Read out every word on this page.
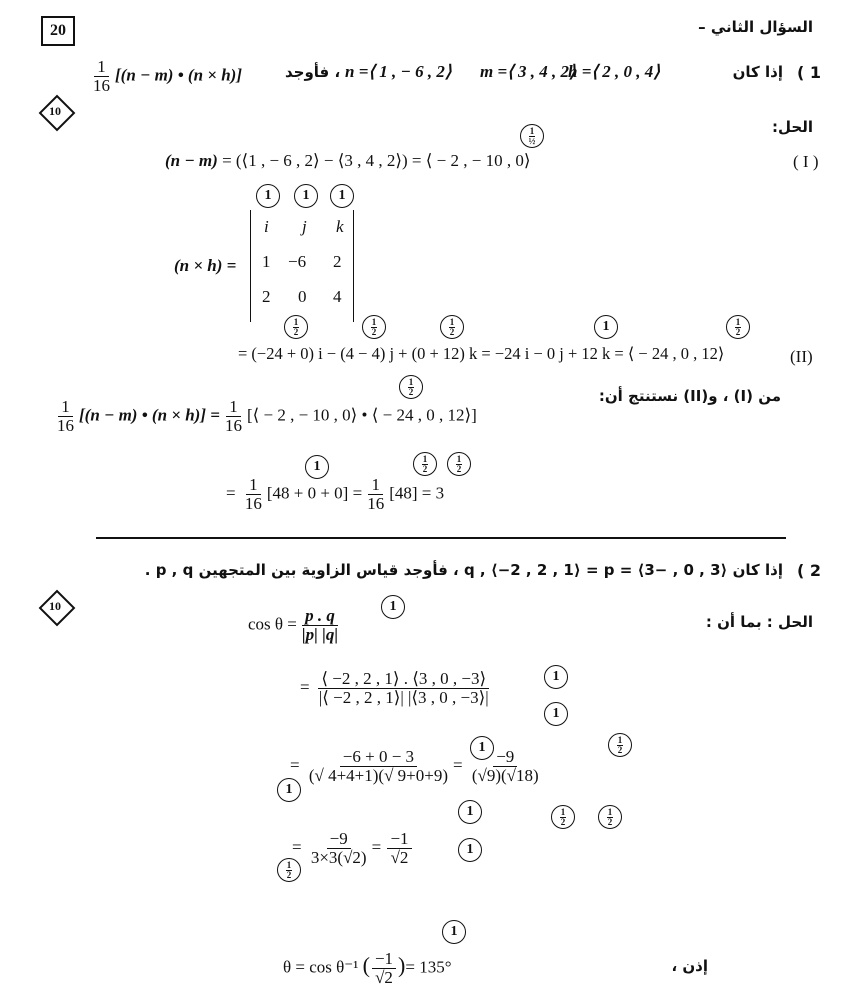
20	السؤال الثاني –
1 )
إذا كان
h =⟨ 2 , 0 , 4⟩
m =⟨ 3 , 4 , 2⟩
n =⟨ 1 , − 6 , 2⟩
، فأوجد
$\frac{1}{16} [(n - m)$ • (n × h)]
10
الحل:
(n − m) = (⟨1 , − 6 , 2⟩ − ⟨3 , 4 , 2⟩) = ⟨ − 2 , − 10 , 0⟩	( I )
1
½
(n × h) =
i j k
1 −6 2
2 0 4
1	1	1
1
2
1
2
1
2	1	1
2
= (−24 + 0) i − (4 − 4) j + (0 + 12) k = −24 i − 0 j + 12 k = ⟨ − 24 , 0 , 12⟩	(II)
1
2	من (I) ، و(II) نستنتج أن:
$\frac{1}{16} [(n - m)$ • $(n \times h)] = \frac{1}{16}$ [⟨ − 2 , − 10 , 0⟩ • ⟨ − 24 , 0 , 12⟩]
1
1
2
1
2
= $\frac{1}{16} [48 + 0 + 0] = \frac{1}{16} [48] = 3$
2 )
إذا كان ⟨3 , 0 , −3⟩ = q , ⟨−2 , 2 , 1⟩ = p ، فأوجد قياس الزاوية بين المتجهين p , q .
10
الحل : بما أن :
$\cos \theta = \frac{p . q}{|p| |q|}$
1
= $\frac{⟨ -2 , 2 , 1⟩ . ⟨3 , 0 , -3⟩}{|⟨ -2 , 2 , 1⟩| |⟨3 , 0 , -3⟩|}$	1
1
= $\frac{-6 + 0 - 3}{(√ 4+4+1)(√ 9+0+9)} = \frac{-9}{(√9)(√18)}$
1
1
1
2
1
2
1
2
1
= $\frac{-9}{3\times 3(√2)} = \frac{-1}{√2}$	1
1
2
1
θ = cos θ⁻¹ ( $\frac{-1}{√2}$ )= 135°	إذن ،
